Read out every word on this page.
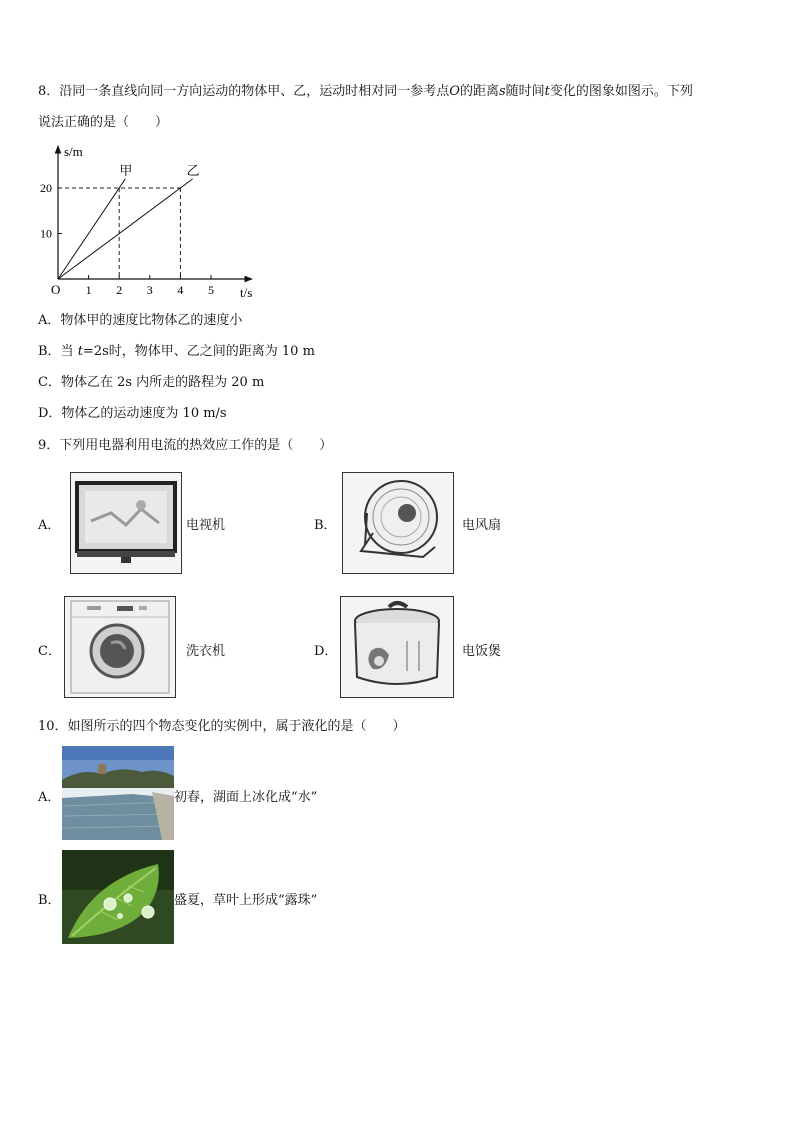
8．沿同一条直线向同一方向运动的物体甲、乙，运动时相对同一参考点O的距离s随时间t变化的图象如图示。下列
说法正确的是（　　）
甲	乙
1 2 3 4 5
10
20
s/m
t/s
O
A．物体甲的速度比物体乙的速度小
B．当 t=2s时，物体甲、乙之间的距离为 10 m
C．物体乙在 2s 内所走的路程为 20 m
D．物体乙的运动速度为 10 m/s
9．下列用电器利用电流的热效应工作的是（　　）
A．	电视机	B．	电风扇
C．	洗衣机	D．	电饭煲
10．如图所示的四个物态变化的实例中，属于液化的是（　　）
A．	初春，湖面上冰化成“水”
B．	盛夏，草叶上形成“露珠”
